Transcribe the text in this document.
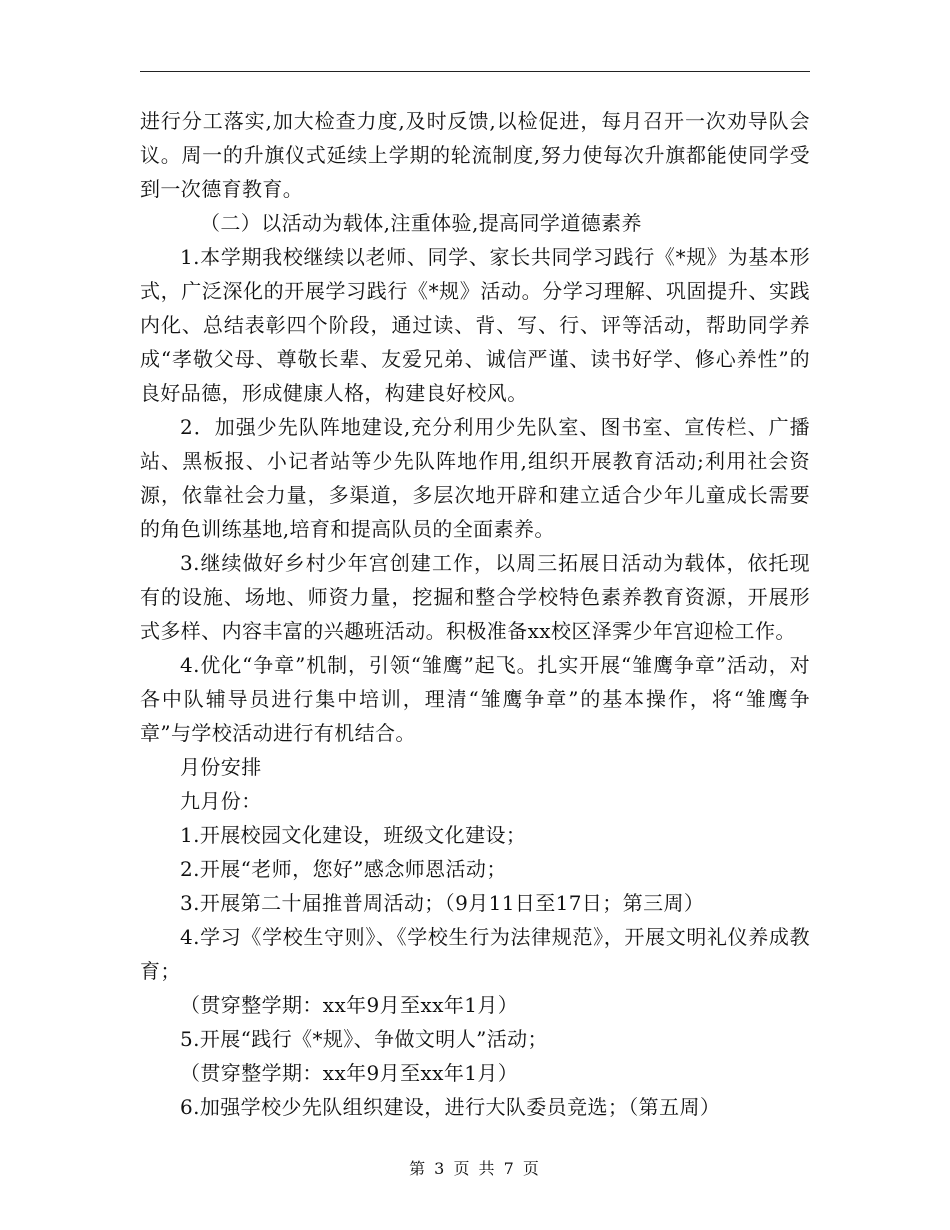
进行分工落实,加大检查力度,及时反馈,以检促进，每月召开一次劝导队会议。周一的升旗仪式延续上学期的轮流制度,努力使每次升旗都能使同学受到一次德育教育。

（二）以活动为载体,注重体验,提高同学道德素养

1.本学期我校继续以老师、同学、家长共同学习践行《*规》为基本形式，广泛深化的开展学习践行《*规》活动。分学习理解、巩固提升、实践内化、总结表彰四个阶段，通过读、背、写、行、评等活动，帮助同学养成“孝敬父母、尊敬长辈、友爱兄弟、诚信严谨、读书好学、修心养性”的良好品德，形成健康人格，构建良好校风。

2．加强少先队阵地建设,充分利用少先队室、图书室、宣传栏、广播站、黑板报、小记者站等少先队阵地作用,组织开展教育活动;利用社会资源，依靠社会力量，多渠道，多层次地开辟和建立适合少年儿童成长需要的角色训练基地,培育和提高队员的全面素养。

3.继续做好乡村少年宫创建工作，以周三拓展日活动为载体，依托现有的设施、场地、师资力量，挖掘和整合学校特色素养教育资源，开展形式多样、内容丰富的兴趣班活动。积极准备xx校区泽霁少年宫迎检工作。

4.优化“争章”机制，引领“雏鹰”起飞。扎实开展“雏鹰争章”活动，对各中队辅导员进行集中培训，理清“雏鹰争章”的基本操作，将“雏鹰争章”与学校活动进行有机结合。

月份安排

九月份：

1.开展校园文化建设，班级文化建设；

2.开展“老师，您好”感念师恩活动；

3.开展第二十届推普周活动；（9月11日至17日；第三周）

4.学习《学校生守则》、《学校生行为法律规范》，开展文明礼仪养成教育；

（贯穿整学期：xx年9月至xx年1月）

5.开展“践行《*规》、争做文明人”活动；

（贯穿整学期：xx年9月至xx年1月）

6.加强学校少先队组织建设，进行大队委员竞选；（第五周）

第 3 页 共 7 页
